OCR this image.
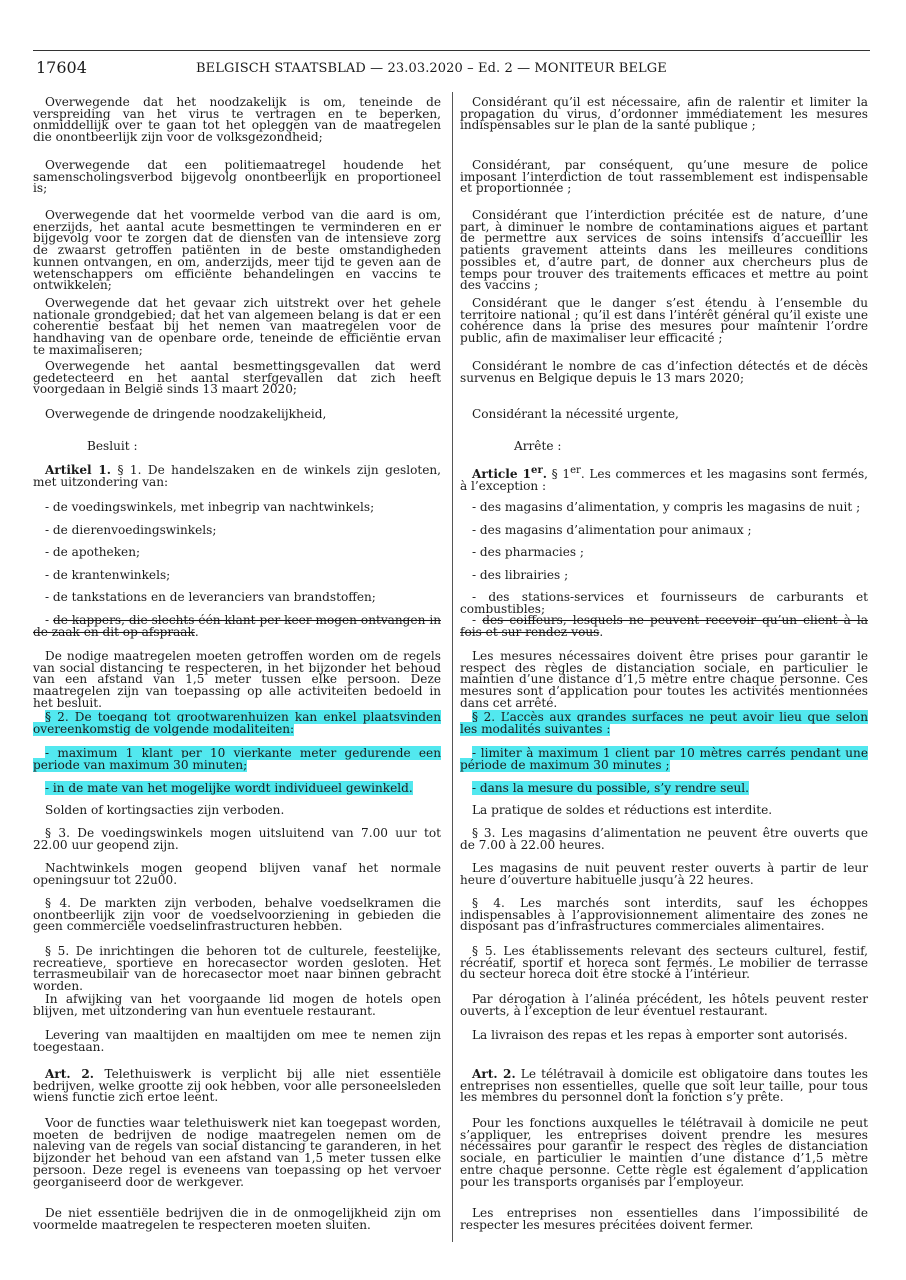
17604	BELGISCH STAATSBLAD — 23.03.2020 – Ed. 2 — MONITEUR BELGE

Overwegende dat het noodzakelijk is om, teneinde de verspreiding van het virus te vertragen en te beperken, onmiddellijk over te gaan tot het opleggen van de maatregelen die onontbeerlijk zijn voor de volksgezondheid;

Overwegende dat een politiemaatregel houdende het samenscholingsverbod bijgevolg onontbeerlijk en proportioneel is;

Overwegende dat het voormelde verbod van die aard is om, enerzijds, het aantal acute besmettingen te verminderen en er bijgevolg voor te zorgen dat de diensten van de intensieve zorg de zwaarst getroffen patiënten in de beste omstandigheden kunnen ontvangen, en om, anderzijds, meer tijd te geven aan de wetenschappers om efficiënte behandelingen en vaccins te ontwikkelen;

Overwegende dat het gevaar zich uitstrekt over het gehele nationale grondgebied; dat het van algemeen belang is dat er een coherentie bestaat bij het nemen van maatregelen voor de handhaving van de openbare orde, teneinde de efficiëntie ervan te maximaliseren;

Overwegende het aantal besmettingsgevallen dat werd gedetecteerd en het aantal sterfgevallen dat zich heeft voorgedaan in België sinds 13 maart 2020;

Overwegende de dringende noodzakelijkheid,

Besluit :

Artikel 1. § 1. De handelszaken en de winkels zijn gesloten, met uitzondering van:

- de voedingswinkels, met inbegrip van nachtwinkels;

- de dierenvoedingswinkels;

- de apotheken;

- de krantenwinkels;

- de tankstations en de leveranciers van brandstoffen;

- de kappers, die slechts één klant per keer mogen ontvangen in de zaak en dit op afspraak.

De nodige maatregelen moeten getroffen worden om de regels van social distancing te respecteren, in het bijzonder het behoud van een afstand van 1,5 meter tussen elke persoon. Deze maatregelen zijn van toepassing op alle activiteiten bedoeld in het besluit.

§ 2. De toegang tot grootwarenhuizen kan enkel plaatsvinden overeenkomstig de volgende modaliteiten:

- maximum 1 klant per 10 vierkante meter gedurende een periode van maximum 30 minuten;

- in de mate van het mogelijke wordt individueel gewinkeld.

Solden of kortingsacties zijn verboden.

§ 3. De voedingswinkels mogen uitsluitend van 7.00 uur tot 22.00 uur geopend zijn.

Nachtwinkels mogen geopend blijven vanaf het normale openingsuur tot 22u00.

§ 4. De markten zijn verboden, behalve voedselkramen die onontbeerlijk zijn voor de voedselvoorziening in gebieden die geen commerciële voedselinfrastructuren hebben.

§ 5. De inrichtingen die behoren tot de culturele, feestelijke, recreatieve, sportieve en horecasector worden gesloten. Het terrasmeubilair van de horecasector moet naar binnen gebracht worden.

In afwijking van het voorgaande lid mogen de hotels open blijven, met uitzondering van hun eventuele restaurant.

Levering van maaltijden en maaltijden om mee te nemen zijn toegestaan.

Art. 2. Telethuiswerk is verplicht bij alle niet essentiële bedrijven, welke grootte zij ook hebben, voor alle personeelsleden wiens functie zich ertoe leent.

Voor de functies waar telethuiswerk niet kan toegepast worden, moeten de bedrijven de nodige maatregelen nemen om de naleving van de regels van social distancing te garanderen, in het bijzonder het behoud van een afstand van 1,5 meter tussen elke persoon. Deze regel is eveneens van toepassing op het vervoer georganiseerd door de werkgever.

De niet essentiële bedrijven die in de onmogelijkheid zijn om voormelde maatregelen te respecteren moeten sluiten.

Considérant qu’il est nécessaire, afin de ralentir et limiter la propagation du virus, d’ordonner immédiatement les mesures indispensables sur le plan de la santé publique ;

Considérant, par conséquent, qu’une mesure de police imposant l’interdiction de tout rassemblement est indispensable et proportionnée ;

Considérant que l’interdiction précitée est de nature, d’une part, à diminuer le nombre de contaminations aigues et partant de permettre aux services de soins intensifs d’accueillir les patients gravement atteints dans les meilleures conditions possibles et, d’autre part, de donner aux chercheurs plus de temps pour trouver des traitements efficaces et mettre au point des vaccins ;

Considérant que le danger s’est étendu à l’ensemble du territoire national ; qu’il est dans l’intérêt général qu’il existe une cohérence dans la prise des mesures pour maintenir l’ordre public, afin de maximaliser leur efficacité ;

Considérant le nombre de cas d’infection détectés et de décès survenus en Belgique depuis le 13 mars 2020;

Considérant la nécessité urgente,

Arrête :

Article 1er. § 1er. Les commerces et les magasins sont fermés, à l’exception :

- des magasins d’alimentation, y compris les magasins de nuit ;

- des magasins d’alimentation pour animaux ;

- des pharmacies ;

- des librairies ;

- des stations-services et fournisseurs de carburants et combustibles;

- des coiffeurs, lesquels ne peuvent recevoir qu’un client à la fois et sur rendez-vous.

Les mesures nécessaires doivent être prises pour garantir le respect des règles de distanciation sociale, en particulier le maintien d’une distance d’1,5 mètre entre chaque personne. Ces mesures sont d’application pour toutes les activités mentionnées dans cet arrêté.

§ 2. L’accès aux grandes surfaces ne peut avoir lieu que selon les modalités suivantes :

- limiter à maximum 1 client par 10 mètres carrés pendant une période de maximum 30 minutes ;

- dans la mesure du possible, s’y rendre seul.

La pratique de soldes et réductions est interdite.

§ 3. Les magasins d’alimentation ne peuvent être ouverts que de 7.00 à 22.00 heures.

Les magasins de nuit peuvent rester ouverts à partir de leur heure d’ouverture habituelle jusqu’à 22 heures.

§ 4. Les marchés sont interdits, sauf les échoppes indispensables à l’approvisionnement alimentaire des zones ne disposant pas d’infrastructures commerciales alimentaires.

§ 5. Les établissements relevant des secteurs culturel, festif, récréatif, sportif et horeca sont fermés. Le mobilier de terrasse du secteur horeca doit être stocké à l’intérieur.

Par dérogation à l’alinéa précédent, les hôtels peuvent rester ouverts, à l’exception de leur éventuel restaurant.

La livraison des repas et les repas à emporter sont autorisés.

Art. 2. Le télétravail à domicile est obligatoire dans toutes les entreprises non essentielles, quelle que soit leur taille, pour tous les membres du personnel dont la fonction s’y prête.

Pour les fonctions auxquelles le télétravail à domicile ne peut s’appliquer, les entreprises doivent prendre les mesures nécessaires pour garantir le respect des règles de distanciation sociale, en particulier le maintien d’une distance d’1,5 mètre entre chaque personne. Cette règle est également d’application pour les transports organisés par l’employeur.

Les entreprises non essentielles dans l’impossibilité de respecter les mesures précitées doivent fermer.
